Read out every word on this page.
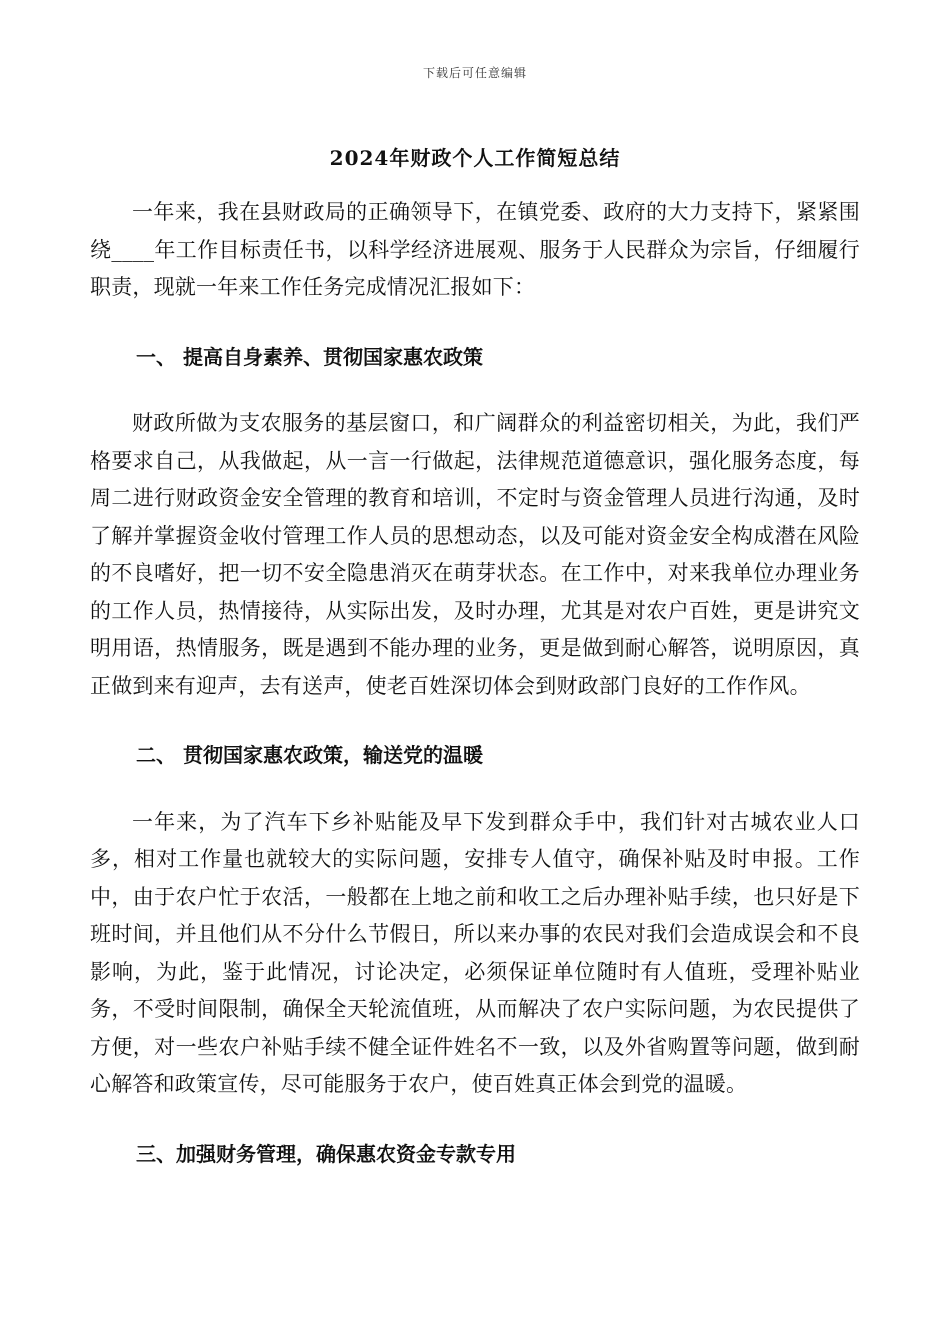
下载后可任意编辑
2024年财政个人工作简短总结

一年来，我在县财政局的正确领导下，在镇党委、政府的大力支持下，紧紧围绕____年工作目标责任书，以科学经济进展观、服务于人民群众为宗旨，仔细履行职责，现就一年来工作任务完成情况汇报如下：

一、 提高自身素养、贯彻国家惠农政策

财政所做为支农服务的基层窗口，和广阔群众的利益密切相关，为此，我们严格要求自己，从我做起，从一言一行做起，法律规范道德意识，强化服务态度，每周二进行财政资金安全管理的教育和培训，不定时与资金管理人员进行沟通，及时了解并掌握资金收付管理工作人员的思想动态，以及可能对资金安全构成潜在风险的不良嗜好，把一切不安全隐患消灭在萌芽状态。在工作中，对来我单位办理业务的工作人员，热情接待，从实际出发，及时办理，尤其是对农户百姓，更是讲究文明用语，热情服务，既是遇到不能办理的业务，更是做到耐心解答，说明原因，真正做到来有迎声，去有送声，使老百姓深切体会到财政部门良好的工作作风。

二、 贯彻国家惠农政策，输送党的温暖

一年来，为了汽车下乡补贴能及早下发到群众手中，我们针对古城农业人口多，相对工作量也就较大的实际问题，安排专人值守，确保补贴及时申报。工作中，由于农户忙于农活，一般都在上地之前和收工之后办理补贴手续，也只好是下班时间，并且他们从不分什么节假日，所以来办事的农民对我们会造成误会和不良影响，为此，鉴于此情况，讨论决定，必须保证单位随时有人值班，受理补贴业务，不受时间限制，确保全天轮流值班，从而解决了农户实际问题，为农民提供了方便，对一些农户补贴手续不健全证件姓名不一致，以及外省购置等问题，做到耐心解答和政策宣传，尽可能服务于农户，使百姓真正体会到党的温暖。

三、加强财务管理，确保惠农资金专款专用
